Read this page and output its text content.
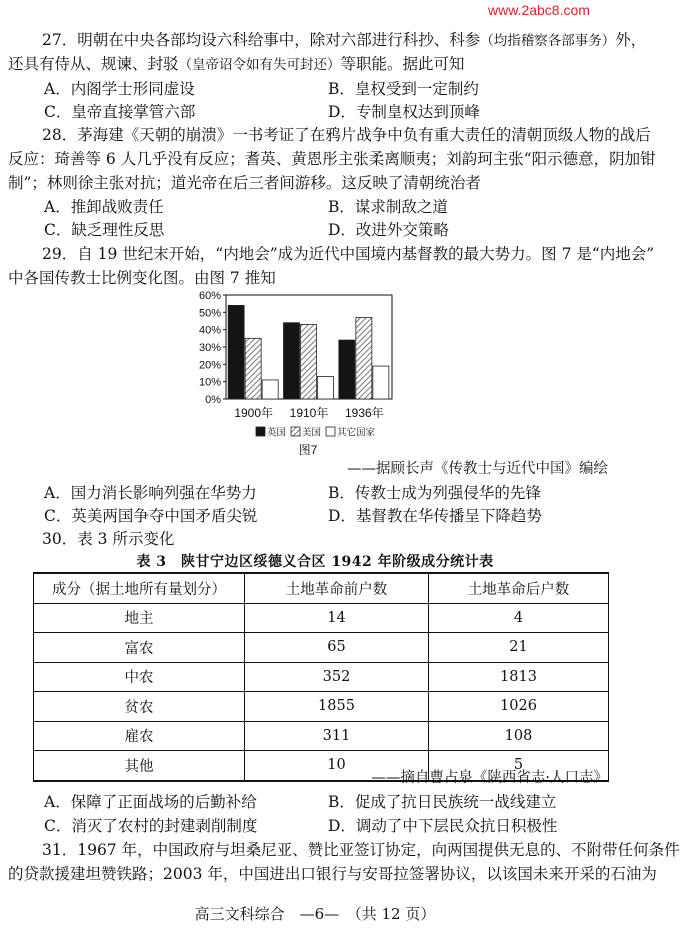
www.2abc8.com
27．明朝在中央各部均设六科给事中，除对六部进行科抄、科参（均指稽察各部事务）外，
还具有侍从、规谏、封驳（皇帝诏令如有失可封还）等职能。据此可知
A．内阁学士形同虚设	B．皇权受到一定制约
C．皇帝直接掌管六部	D．专制皇权达到顶峰
28．茅海建《天朝的崩溃》一书考证了在鸦片战争中负有重大责任的清朝顶级人物的战后
反应：琦善等 6 人几乎没有反应；耆英、黄恩彤主张柔离顺夷；刘韵珂主张“阳示德意，阴加钳
制”；林则徐主张对抗；道光帝在后三者间游移。这反映了清朝统治者
A．推卸战败责任	B．谋求制敌之道
C．缺乏理性反思	D．改进外交策略
29．自 19 世纪末开始，“内地会”成为近代中国境内基督教的最大势力。图 7 是“内地会”
中各国传教士比例变化图。由图 7 推知
0%
10%
20%
30%
40%
50%
60%
1900年 1910年 1936年
图7
英国 美国 其它国家
——据顾长声《传教士与近代中国》编绘
A．国力消长影响列强在华势力	B．传教士成为列强侵华的先锋
C．英美两国争夺中国矛盾尖锐	D．基督教在华传播呈下降趋势
30．表 3 所示变化
表 3　陕甘宁边区绥德义合区 1942 年阶级成分统计表
成分（据土地所有量划分）	土地革命前户数	土地革命后户数
地主	14	4
富农	65	21
中农	352	1813
贫农	1855	1026
雇农	311	108
其他	10	5
——摘自曹占泉《陕西省志·人口志》
A．保障了正面战场的后勤补给	B．促成了抗日民族统一战线建立
C．消灭了农村的封建剥削制度	D．调动了中下层民众抗日积极性
31．1967 年，中国政府与坦桑尼亚、赞比亚签订协定，向两国提供无息的、不附带任何条件
的贷款援建坦赞铁路；2003 年，中国进出口银行与安哥拉签署协议，以该国未来开采的石油为
高三文科综合　—6—　（共 12 页）
